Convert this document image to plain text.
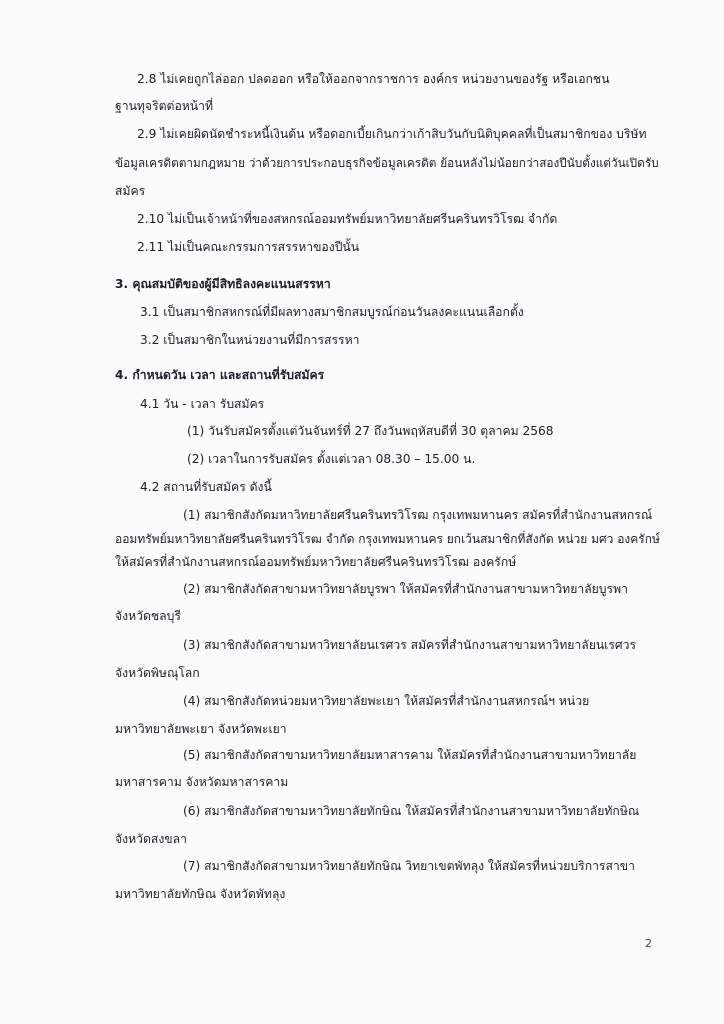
2.8 ไม่เคยถูกไล่ออก ปลดออก หรือให้ออกจากราชการ องค์กร หน่วยงานของรัฐ หรือเอกชน
ฐานทุจริตต่อหน้าที่
2.9 ไม่เคยผิดนัดชำระหนี้เงินต้น หรือดอกเบี้ยเกินกว่าเก้าสิบวันกับนิติบุคคลที่เป็นสมาชิกของ บริษัท
ข้อมูลเครดิตตามกฎหมาย ว่าด้วยการประกอบธุรกิจข้อมูลเครดิต ย้อนหลังไม่น้อยกว่าสองปีนับตั้งแต่วันเปิดรับ
สมัคร
2.10 ไม่เป็นเจ้าหน้าที่ของสหกรณ์ออมทรัพย์มหาวิทยาลัยศรีนครินทรวิโรฒ จำกัด
2.11 ไม่เป็นคณะกรรมการสรรหาของปีนั้น
3. คุณสมบัติของผู้มีสิทธิลงคะแนนสรรหา
3.1 เป็นสมาชิกสหกรณ์ที่มีผลทางสมาชิกสมบูรณ์ก่อนวันลงคะแนนเลือกตั้ง
3.2 เป็นสมาชิกในหน่วยงานที่มีการสรรหา
4. กำหนดวัน เวลา และสถานที่รับสมัคร
4.1 วัน - เวลา รับสมัคร
(1) วันรับสมัครตั้งแต่วันจันทร์ที่ 27 ถึงวันพฤหัสบดีที่ 30 ตุลาคม 2568
(2) เวลาในการรับสมัคร ตั้งแต่เวลา 08.30 – 15.00 น.
4.2 สถานที่รับสมัคร ดังนี้
(1) สมาชิกสังกัดมหาวิทยาลัยศรีนครินทรวิโรฒ กรุงเทพมหานคร สมัครที่สำนักงานสหกรณ์
ออมทรัพย์มหาวิทยาลัยศรีนครินทรวิโรฒ จำกัด กรุงเทพมหานคร ยกเว้นสมาชิกที่สังกัด หน่วย มศว องครักษ์
ให้สมัครที่สำนักงานสหกรณ์ออมทรัพย์มหาวิทยาลัยศรีนครินทรวิโรฒ องครักษ์
(2) สมาชิกสังกัดสาขามหาวิทยาลัยบูรพา ให้สมัครที่สำนักงานสาขามหาวิทยาลัยบูรพา
จังหวัดชลบุรี
(3) สมาชิกสังกัดสาขามหาวิทยาลัยนเรศวร สมัครที่สำนักงานสาขามหาวิทยาลัยนเรศวร
จังหวัดพิษณุโลก
(4) สมาชิกสังกัดหน่วยมหาวิทยาลัยพะเยา ให้สมัครที่สำนักงานสหกรณ์ฯ หน่วย
มหาวิทยาลัยพะเยา จังหวัดพะเยา
(5) สมาชิกสังกัดสาขามหาวิทยาลัยมหาสารคาม ให้สมัครที่สำนักงานสาขามหาวิทยาลัย
มหาสารคาม จังหวัดมหาสารคาม
(6) สมาชิกสังกัดสาขามหาวิทยาลัยทักษิณ ให้สมัครที่สำนักงานสาขามหาวิทยาลัยทักษิณ
จังหวัดสงขลา
(7) สมาชิกสังกัดสาขามหาวิทยาลัยทักษิณ วิทยาเขตพัทลุง ให้สมัครที่หน่วยบริการสาขา
มหาวิทยาลัยทักษิณ จังหวัดพัทลุง
2
